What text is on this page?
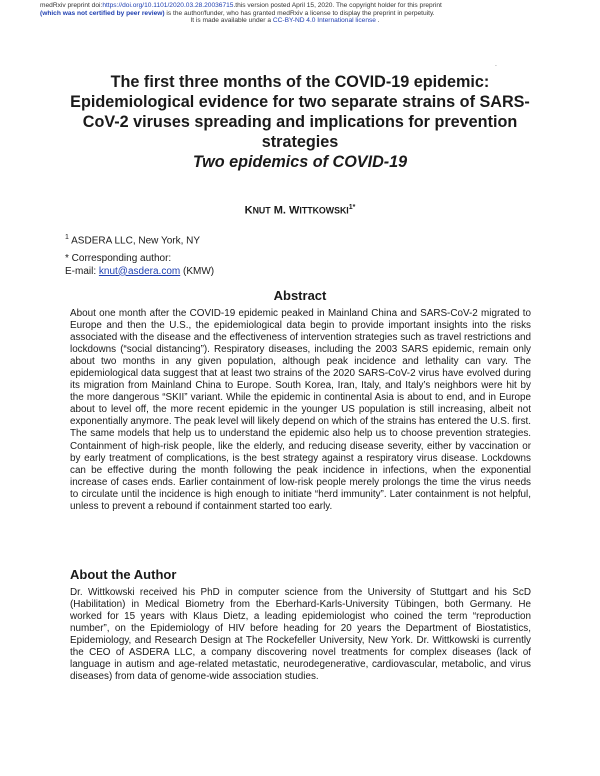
medRxiv preprint doi:https://doi.org/10.1101/2020.03.28.20036715.this version posted April 15, 2020. The copyright holder for this preprint
(which was not certified by peer review) is the author/funder, who has granted medRxiv a license to display the preprint in perpetuity.
It is made available under a CC-BY-ND 4.0 International license .
`
The first three months of the COVID-19 epidemic: Epidemiological evidence for two separate strains of SARS-CoV-2 viruses spreading and implications for prevention strategies
Two epidemics of COVID-19
KNUT M. $WITTKOWSKI^{1*}$
$^1$ ASDERA LLC, New York, NY
* Corresponding author:
E-mail: knut@asdera.com (KMW)
Abstract

About one month after the COVID-19 epidemic peaked in Mainland China and SARS-CoV-2 migrated to Europe and then the U.S., the epidemiological data begin to provide important insights into the risks associated with the disease and the effectiveness of intervention strategies such as travel restrictions and lockdowns (“social distancing”). Respiratory diseases, including the 2003 SARS epidemic, remain only about two months in any given population, although peak incidence and lethality can vary. The epidemiological data suggest that at least two strains of the 2020 SARS-CoV-2 virus have evolved during its migration from Mainland China to Europe. South Korea, Iran, Italy, and Italy’s neighbors were hit by the more dangerous “SKII” variant. While the epidemic in continental Asia is about to end, and in Europe about to level off, the more recent epidemic in the younger US population is still increasing, albeit not exponentially anymore. The peak level will likely depend on which of the strains has entered the U.S. first. The same models that help us to understand the epidemic also help us to choose prevention strategies. Containment of high-risk people, like the elderly, and reducing disease severity, either by vaccination or by early treatment of complications, is the best strategy against a respiratory virus disease. Lockdowns can be effective during the month following the peak incidence in infections, when the exponential increase of cases ends. Earlier containment of low-risk people merely prolongs the time the virus needs to circulate until the incidence is high enough to initiate “herd immunity”. Later containment is not helpful, unless to prevent a rebound if containment started too early.

About the Author

Dr. Wittkowski received his PhD in computer science from the University of Stuttgart and his ScD (Habilitation) in Medical Biometry from the Eberhard-Karls-University Tübingen, both Germany. He worked for 15 years with Klaus Dietz, a leading epidemiologist who coined the term “reproduction number”, on the Epidemiology of HIV before heading for 20 years the Department of Biostatistics, Epidemiology, and Research Design at The Rockefeller University, New York. Dr. Wittkowski is currently the CEO of ASDERA LLC, a company discovering novel treatments for complex diseases (lack of language in autism and age-related metastatic, neurodegenerative, cardiovascular, metabolic, and virus diseases) from data of genome-wide association studies.
